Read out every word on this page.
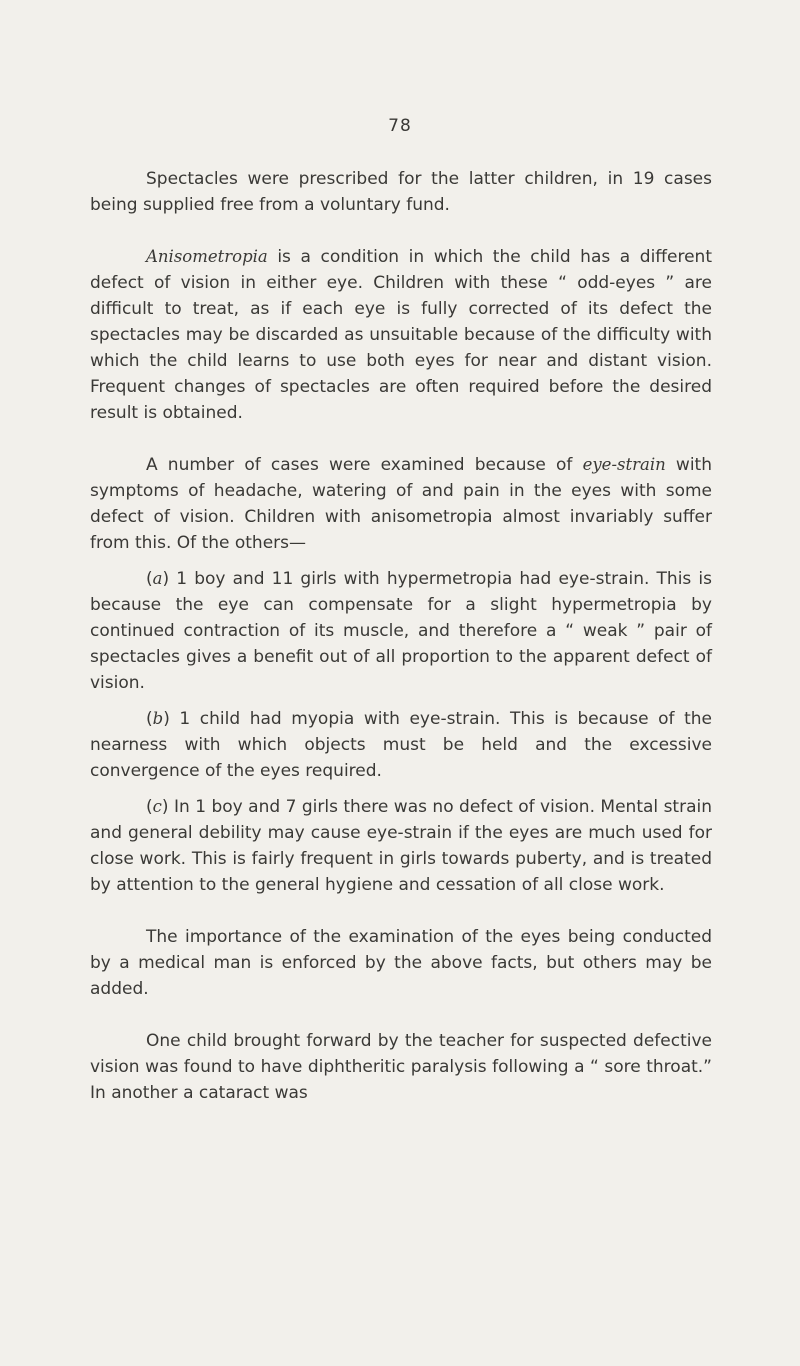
78

Spectacles were prescribed for the latter children, in 19 cases being supplied free from a voluntary fund.

Anisometropia is a condition in which the child has a different defect of vision in either eye. Children with these “ odd-eyes ” are difficult to treat, as if each eye is fully corrected of its defect the spectacles may be discarded as unsuitable because of the difficulty with which the child learns to use both eyes for near and distant vision. Frequent changes of spectacles are often required before the desired result is obtained.

A number of cases were examined because of eye-strain with symptoms of headache, watering of and pain in the eyes with some defect of vision. Children with anisometropia almost invariably suffer from this. Of the others—

(a) 1 boy and 11 girls with hypermetropia had eye-strain. This is because the eye can compensate for a slight hypermetropia by continued contraction of its muscle, and therefore a “ weak ” pair of spectacles gives a benefit out of all proportion to the apparent defect of vision.

(b) 1 child had myopia with eye-strain. This is because of the nearness with which objects must be held and the excessive convergence of the eyes required.

(c) In 1 boy and 7 girls there was no defect of vision. Mental strain and general debility may cause eye-strain if the eyes are much used for close work. This is fairly frequent in girls towards puberty, and is treated by attention to the general hygiene and cessation of all close work.

The importance of the examination of the eyes being conducted by a medical man is enforced by the above facts, but others may be added.

One child brought forward by the teacher for suspected defective vision was found to have diphtheritic paralysis following a “ sore throat.” In another a cataract was
